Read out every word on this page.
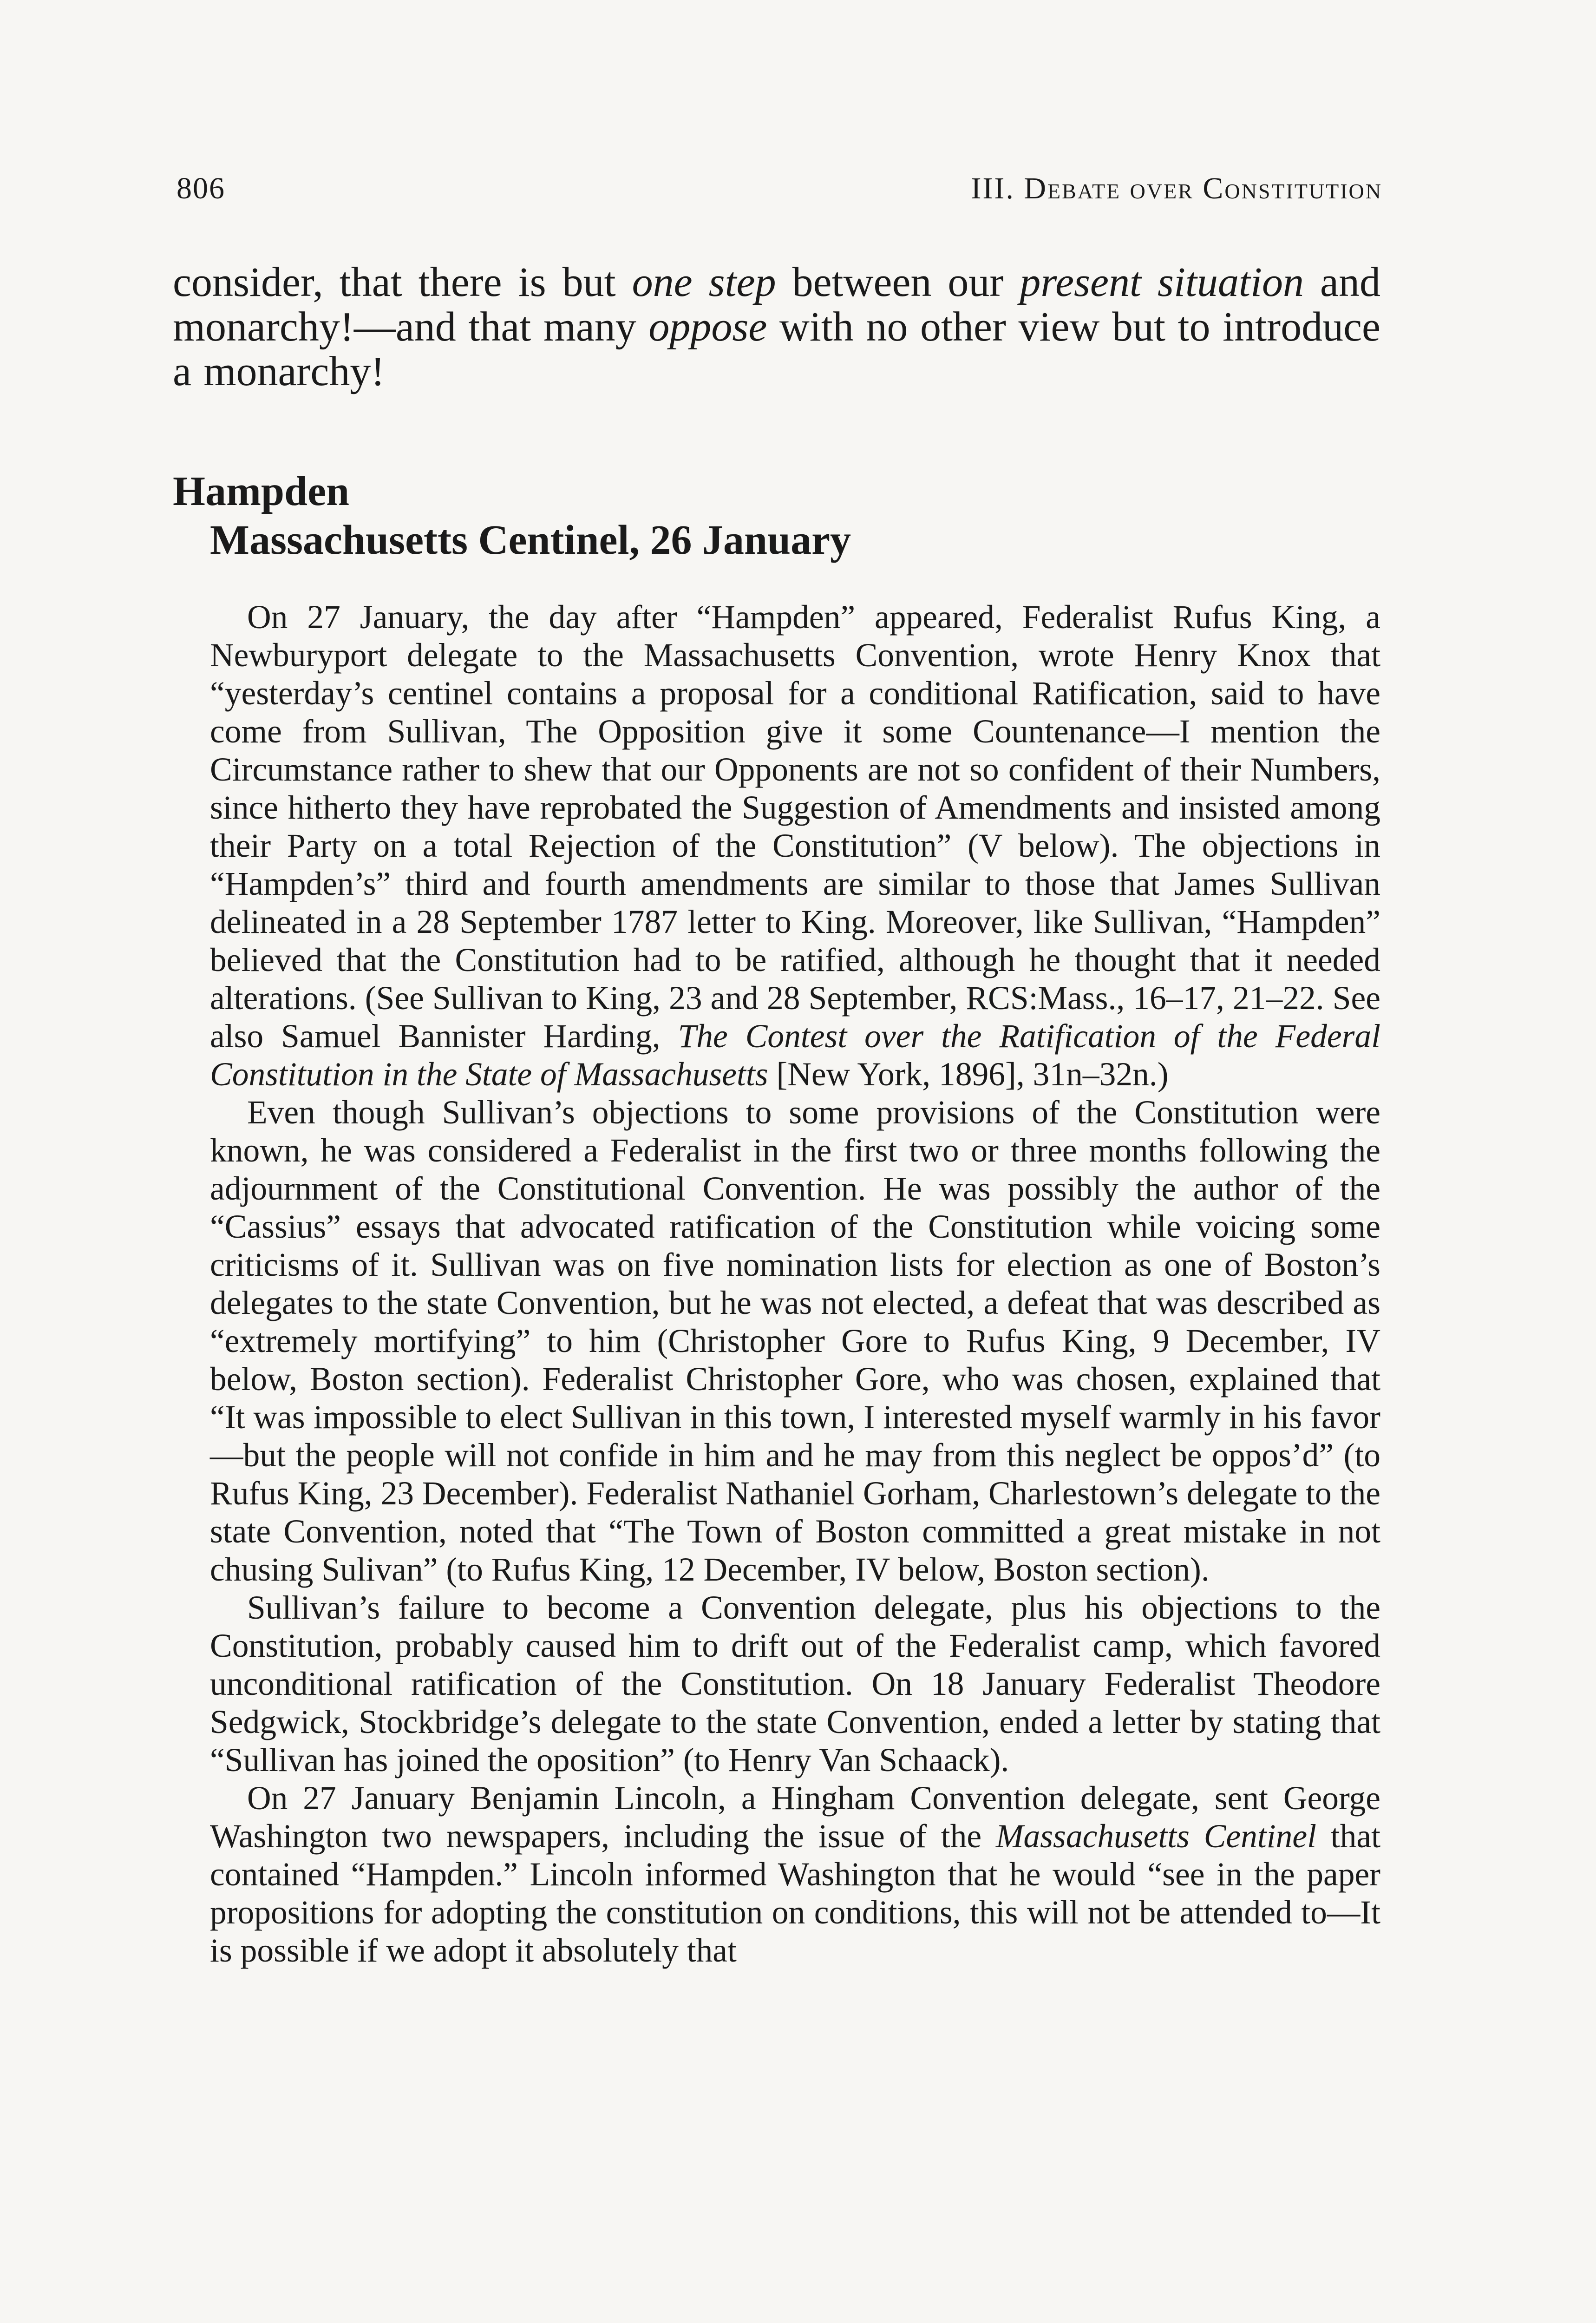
806	III. Debate over Constitution

consider, that there is but one step between our present situation and monarchy!—and that many oppose with no other view but to introduce a monarchy!

Hampden
Massachusetts Centinel, 26 January

On 27 January, the day after “Hampden” appeared, Federalist Rufus King, a Newburyport delegate to the Massachusetts Convention, wrote Henry Knox that “yesterday’s centinel contains a proposal for a conditional Ratification, said to have come from Sullivan, The Opposition give it some Countenance—I mention the Circumstance rather to shew that our Opponents are not so confident of their Numbers, since hitherto they have reprobated the Suggestion of Amendments and insisted among their Party on a total Rejection of the Constitution” (V below). The objections in “Hampden’s” third and fourth amendments are similar to those that James Sullivan delineated in a 28 September 1787 letter to King. Moreover, like Sullivan, “Hampden” believed that the Constitution had to be ratified, although he thought that it needed alterations. (See Sullivan to King, 23 and 28 September, RCS:Mass., 16–17, 21–22. See also Samuel Bannister Harding, The Contest over the Ratification of the Federal Constitution in the State of Massachusetts [New York, 1896], 31n–32n.)

Even though Sullivan’s objections to some provisions of the Constitution were known, he was considered a Federalist in the first two or three months following the adjournment of the Constitutional Convention. He was possibly the author of the “Cassius” essays that advocated ratification of the Constitution while voicing some criticisms of it. Sullivan was on five nomination lists for election as one of Boston’s delegates to the state Convention, but he was not elected, a defeat that was described as “extremely mortifying” to him (Christopher Gore to Rufus King, 9 December, IV below, Boston section). Federalist Christopher Gore, who was chosen, explained that “It was impossible to elect Sullivan in this town, I interested myself warmly in his favor—but the people will not confide in him and he may from this neglect be oppos’d” (to Rufus King, 23 December). Federalist Nathaniel Gorham, Charlestown’s delegate to the state Convention, noted that “The Town of Boston committed a great mistake in not chusing Sulivan” (to Rufus King, 12 December, IV below, Boston section).

Sullivan’s failure to become a Convention delegate, plus his objections to the Constitution, probably caused him to drift out of the Federalist camp, which favored unconditional ratification of the Constitution. On 18 January Federalist Theodore Sedgwick, Stockbridge’s delegate to the state Convention, ended a letter by stating that “Sullivan has joined the oposition” (to Henry Van Schaack).

On 27 January Benjamin Lincoln, a Hingham Convention delegate, sent George Washington two newspapers, including the issue of the Massachusetts Centinel that contained “Hampden.” Lincoln informed Washington that he would “see in the paper propositions for adopting the constitution on conditions, this will not be attended to—It is possible if we adopt it absolutely that
